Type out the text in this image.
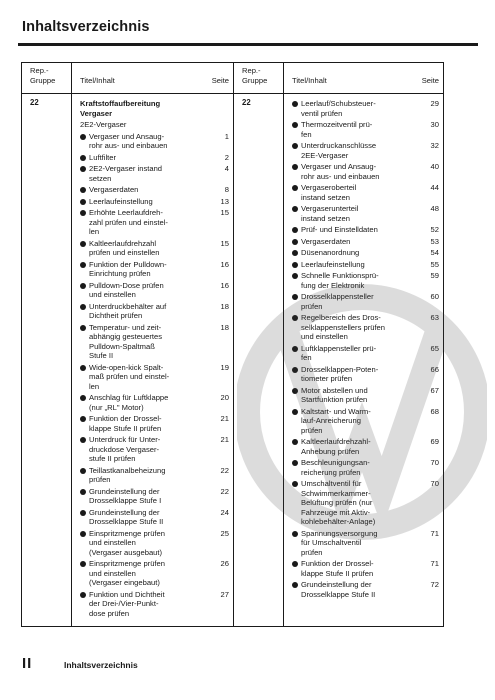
Inhaltsverzeichnis
Rep.-
Gruppe	Titel/Inhalt	Seite
22	Kraftstoffaufbereitung
Vergaser
2E2-Vergaser
Vergaser und Ansaug-
rohr aus- und einbauen
1
Luftfilter	2
2E2-Vergaser instand
setzen
4
Vergaserdaten	8
Leerlaufeinstellung	13
Erhöhte Leerlaufdreh-
zahl prüfen und einstel-
len
15
Kaltleerlaufdrehzahl
prüfen und einstellen
15
Funktion der Pulldown-
Einrichtung prüfen
16
Pulldown-Dose prüfen
und einstellen
16
Unterdruckbehälter auf
Dichtheit prüfen
18
Temperatur- und zeit-
abhängig gesteuertes
Pulldown-Spaltmaß
Stufe II
18
Wide-open-kick Spalt-
maß prüfen und einstel-
len
19
Anschlag für Luftklappe
(nur „RL" Motor)
20
Funktion der Drossel-
klappe Stufe II prüfen
21
Unterdruck für Unter-
druckdose Vergaser-
stufe II prüfen
21
Teillastkanalbeheizung
prüfen
22
Grundeinstellung der
Drosselklappe Stufe I
22
Grundeinstellung der
Drosselklappe Stufe II
24
Einspritzmenge prüfen
und einstellen
(Vergaser ausgebaut)
25
Einspritzmenge prüfen
und einstellen
(Vergaser eingebaut)
26
Funktion und Dichtheit
der Drei-/Vier-Punkt-
dose prüfen
27
Rep.-
Gruppe	Titel/Inhalt	Seite
22	Leerlauf/Schubsteuer-
ventil prüfen
29
Thermozeitventil prü-
fen
30
Unterdruckanschlüsse
2EE-Vergaser
32
Vergaser und Ansaug-
rohr aus- und einbauen
40
Vergaseroberteil
instand setzen
44
Vergaserunterteil
instand setzen
48
Prüf- und Einstelldaten	52
Vergaserdaten	53
Düsenanordnung	54
Leerlaufeinstellung	55
Schnelle Funktionsprü-
fung der Elektronik
59
Drosselklappensteller
prüfen
60
Regelbereich des Dros-
selklappenstellers prüfen
und einstellen
63
Luftklappensteller prü-
fen
65
Drosselklappen-Poten-
tiometer prüfen
66
Motor abstellen und
Startfunktion prüfen
67
Kaltstart- und Warm-
lauf-Anreicherung
prüfen
68
Kaltleerlaufdrehzahl-
Anhebung prüfen
69
Beschleunigungsan-
reicherung prüfen
70
Umschaltventil für
Schwimmerkammer-
Belüftung prüfen (nur
Fahrzeuge mit Aktiv-
kohlebehälter-Anlage)
70
Spannungsversorgung
für Umschaltventil
prüfen
71
Funktion der Drossel-
klappe Stufe II prüfen
71
Grundeinstellung der
Drosselklappe Stufe II
72
II	Inhaltsverzeichnis
